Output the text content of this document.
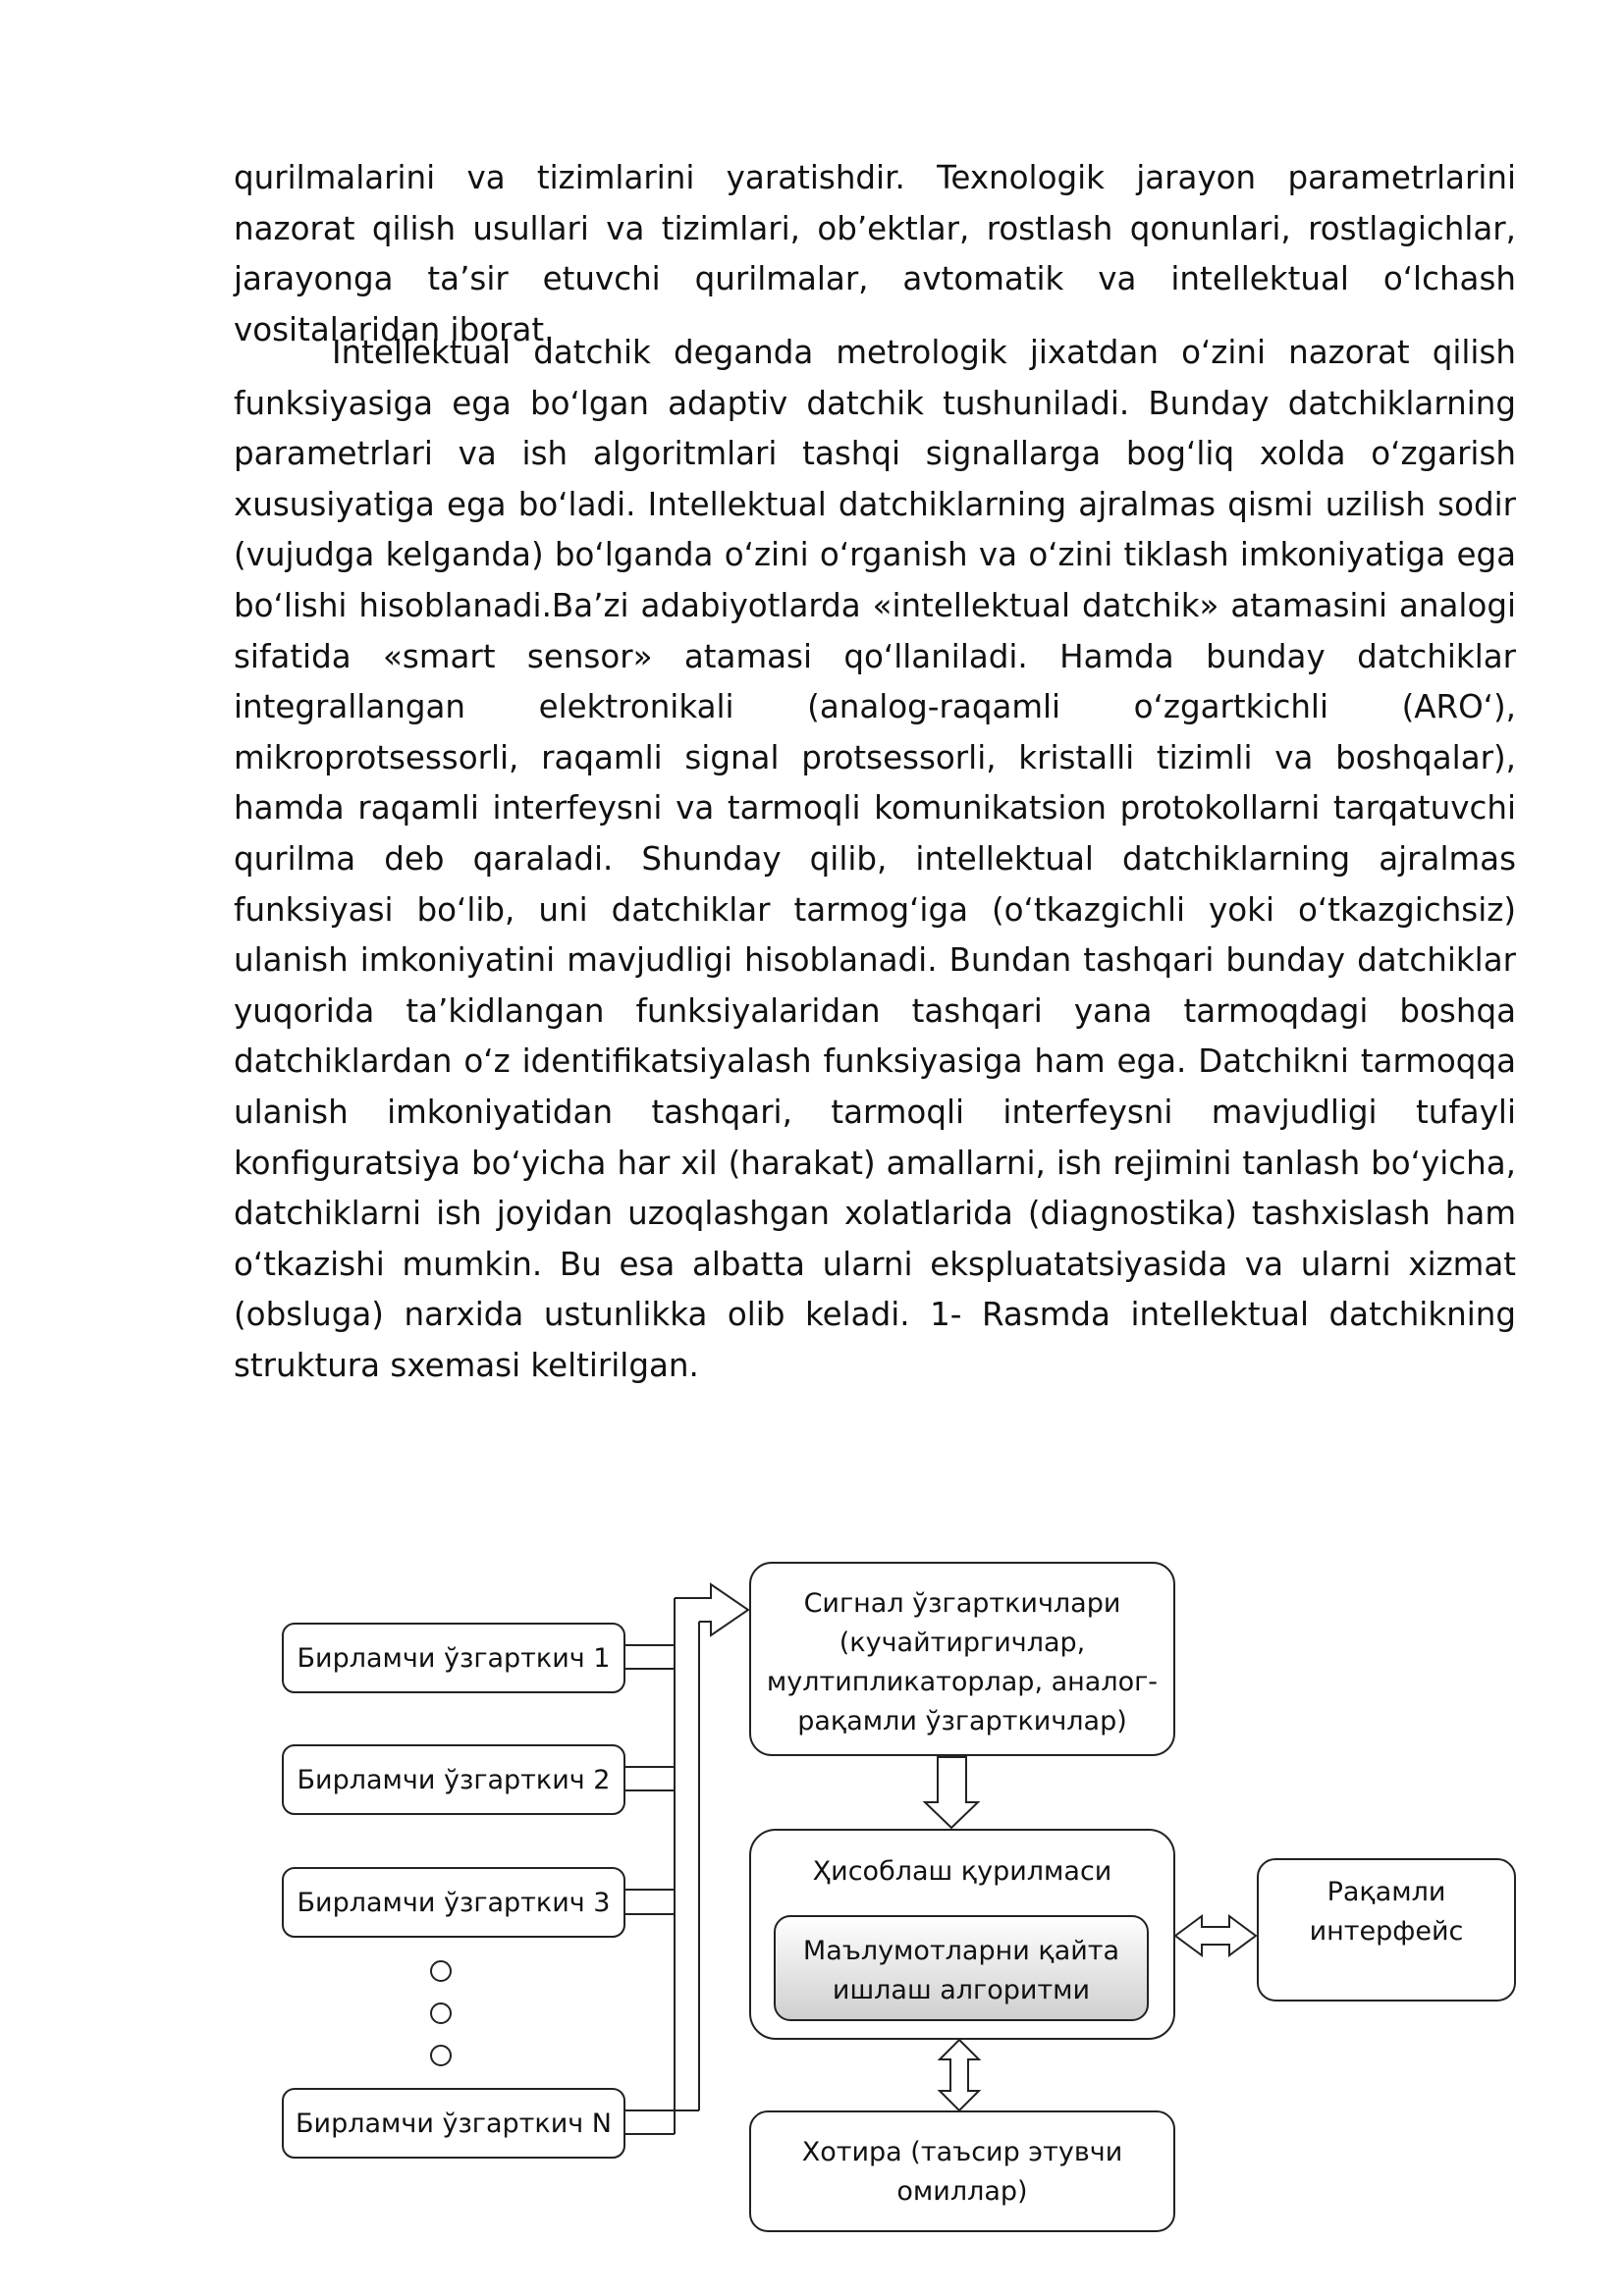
qurilmalarini va tizimlarini yaratishdir. Texnologik jarayon parametrlarini nazorat qilish usullari va tizimlari, ob’ektlar, rostlash qonunlari, rostlagichlar, jarayonga ta’sir etuvchi qurilmalar, avtomatik va intellektual o‘lchash vositalaridan iborat.

Intellektual datchik deganda metrologik jixatdan o‘zini nazorat qilish funksiyasiga ega bo‘lgan adaptiv datchik tushuniladi. Bunday datchiklarning parametrlari va ish algoritmlari tashqi signallarga bog‘liq xolda o‘zgarish xususiyatiga ega bo‘ladi. Intellektual datchiklarning ajralmas qismi uzilish sodir (vujudga kelganda) bo‘lganda o‘zini o‘rganish va o‘zini tiklash imkoniyatiga ega bo‘lishi hisoblanadi.Ba’zi adabiyotlarda «intellektual datchik» atamasini analogi sifatida «smart sensor» atamasi qo‘llaniladi. Hamda bunday datchiklar integrallangan elektronikali (analog-raqamli o‘zgartkichli (ARO‘), mikroprotsessorli, raqamli signal protsessorli, kristalli tizimli va boshqalar), hamda raqamli interfeysni va tarmoqli komunikatsion protokollarni tarqatuvchi qurilma deb qaraladi. Shunday qilib, intellektual datchiklarning ajralmas funksiyasi bo‘lib, uni datchiklar tarmog‘iga (o‘tkazgichli yoki o‘tkazgichsiz) ulanish imkoniyatini mavjudligi hisoblanadi. Bundan tashqari bunday datchiklar yuqorida ta’kidlangan funksiyalaridan tashqari yana tarmoqdagi boshqa datchiklardan o‘z identifikatsiyalash funksiyasiga ham ega. Datchikni tarmoqqa ulanish imkoniyatidan tashqari, tarmoqli interfeysni mavjudligi tufayli konfiguratsiya bo‘yicha har xil (harakat) amallarni, ish rejimini tanlash bo‘yicha, datchiklarni ish joyidan uzoqlashgan xolatlarida (diagnostika) tashxislash ham o‘tkazishi mumkin. Bu esa albatta ularni ekspluatatsiyasida va ularni xizmat (obsluga) narxida ustunlikka olib keladi. 1- Rasmda intellektual datchikning struktura sxemasi keltirilgan.

Бирламчи ўзгарткич 1
Бирламчи ўзгарткич 2
Бирламчи ўзгарткич 3
Бирламчи ўзгарткич N
Сигнал ўзгарткичлари
(кучайтиргичлар,
мултипликаторлар, аналог-
рақамли ўзгарткичлар)
Ҳисоблаш қурилмаси
Маълумотларни қайта
ишлаш алгоритми
Рақамли
интерфейс
Хотира (таъсир этувчи
омиллар)
